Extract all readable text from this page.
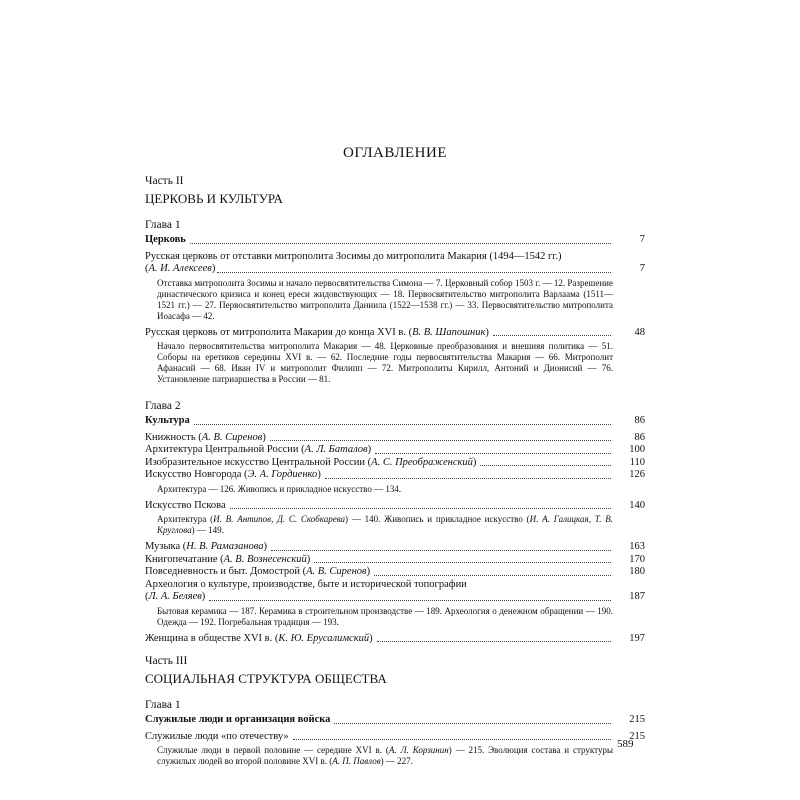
ОГЛАВЛЕНИЕ
Часть II
ЦЕРКОВЬ И КУЛЬТУРА
Глава 1
Церковь	7
Русская церковь от отставки митрополита Зосимы до митрополита Макария (1494—1542 гг.)
(А. И. Алексеев)	7
Отставка митрополита Зосимы и начало первосвятительства Симона — 7. Церковный собор 1503 г. — 12. Разрешение династического кризиса и конец ереси жидовствующих — 18. Первосвятительство митрополита Варлаама (1511—1521 гг.) — 27. Первосвятительство митрополита Даниила (1522—1538 гг.) — 33. Первосвятительство митрополита Иоасафа — 42.
Русская церковь от митрополита Макария до конца XVI в. (В. В. Шапошник)	48
Начало первосвятительства митрополита Макария — 48. Церковные преобразования и внешняя политика — 51. Соборы на еретиков середины XVI в. — 62. Последние годы первосвятительства Макария — 66. Митрополит Афанасий — 68. Иван IV и митрополит Филипп — 72. Митрополиты Кирилл, Антоний и Дионисий — 76. Установление патриаршества в России — 81.
Глава 2
Культура	86
Книжность (А. В. Сиренов)	86
Архитектура Центральной России (А. Л. Баталов)	100
Изобразительное искусство Центральной России (А. С. Преображенский)	110
Искусство Новгорода (Э. А. Гордиенко)	126
Архитектура — 126. Живопись и прикладное искусство — 134.
Искусство Пскова	140
Архитектура (И. В. Антипов, Д. С. Скобкарева) — 140. Живопись и прикладное искусство (И. А. Галицкая, Т. В. Круглова) — 149.
Музыка (Н. В. Рамазанова)	163
Книгопечатание (А. В. Вознесенский)	170
Повседневность и быт. Домострой (А. В. Сиренов)	180
Археология о культуре, производстве, быте и исторической топографии
(Л. А. Беляев)	187
Бытовая керамика — 187. Керамика в строительном производстве — 189. Археология о денежном обращении — 190. Одежда — 192. Погребальная традиция — 193.
Женщина в обществе XVI в. (К. Ю. Ерусалимский)	197
Часть III
СОЦИАЛЬНАЯ СТРУКТУРА ОБЩЕСТВА
Глава 1
Служилые люди и организация войска	215
Служилые люди «по отечеству»	215
Служилые люди в первой половине — середине XVI в. (А. Л. Корзинин) — 215. Эволюция состава и структуры служилых людей во второй половине XVI в. (А. П. Павлов) — 227.
589
